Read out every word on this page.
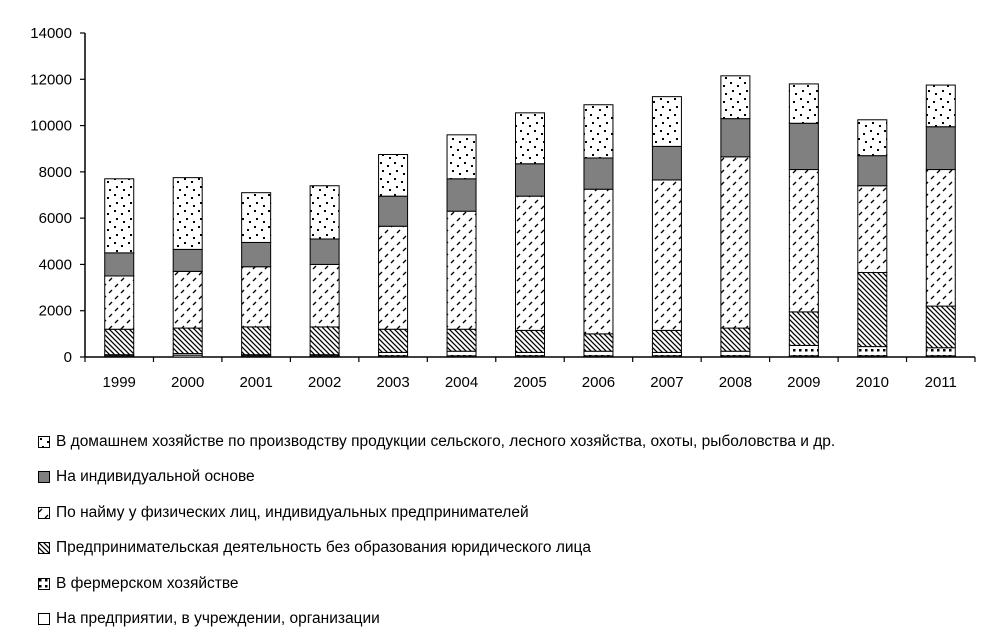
0
2000
4000
6000
8000
10000
12000
14000
1999 2000 2001 2002 2003 2004 2005 2006 2007 2008 2009 2010 2011
В домашнем хозяйстве по производству продукции сельского, лесного хозяйства, охоты, рыболовства и др.
На индивидуальной основе
По найму у физических лиц, индивидуальных предпринимателей
Предпринимательская деятельность без образования юридического лица
В фермерском хозяйстве
На предприятии, в учреждении, организации
